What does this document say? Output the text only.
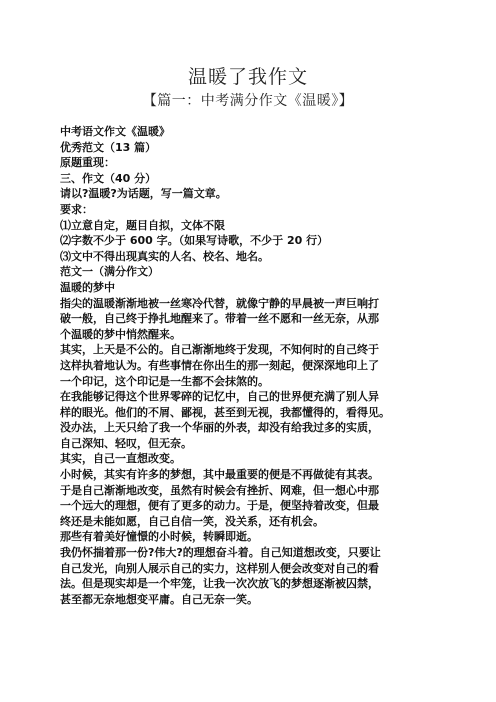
温暖了我作文
【篇一：中考满分作文《温暖》】
中考语文作文《温暖》
优秀范文（13 篇）
原题重现：
三、作文（40 分）
请以?温暖?为话题，写一篇文章。
要求：
⑴立意自定，题目自拟，文体不限
⑵字数不少于 600 字。（如果写诗歌，不少于 20 行）
⑶文中不得出现真实的人名、校名、地名。
范文一（满分作文）
温暖的梦中
指尖的温暖渐渐地被一丝寒冷代替，就像宁静的早晨被一声巨响打
破一般，自己终于挣扎地醒来了。带着一丝不愿和一丝无奈，从那
个温暖的梦中悄然醒来。
其实，上天是不公的。自己渐渐地终于发现，不知何时的自己终于
这样执着地认为。有些事情在你出生的那一刻起，便深深地印上了
一个印记，这个印记是一生都不会抹煞的。
在我能够记得这个世界零碎的记忆中，自己的世界便充满了别人异
样的眼光。他们的不屑、鄙视，甚至到无视，我都懂得的，看得见。
没办法，上天只给了我一个华丽的外表，却没有给我过多的实质，
自己深知、轻叹，但无奈。
其实，自己一直想改变。
小时候，其实有许多的梦想，其中最重要的便是不再做徒有其表。
于是自己渐渐地改变，虽然有时候会有挫折、网难，但一想心中那
一个远大的理想，便有了更多的动力。于是，便坚持着改变，但最
终还是未能如愿，自己自信一笑，没关系，还有机会。
那些有着美好憧憬的小时候，转瞬即逝。
我仍怀揣着那一份?伟大?的理想奋斗着。自己知道想改变，只要让
自己发光，向别人展示自己的实力，这样别人便会改变对自己的看
法。但是现实却是一个牢笼，让我一次次放飞的梦想逐渐被囚禁，
甚至都无奈地想变平庸。自己无奈一笑。
